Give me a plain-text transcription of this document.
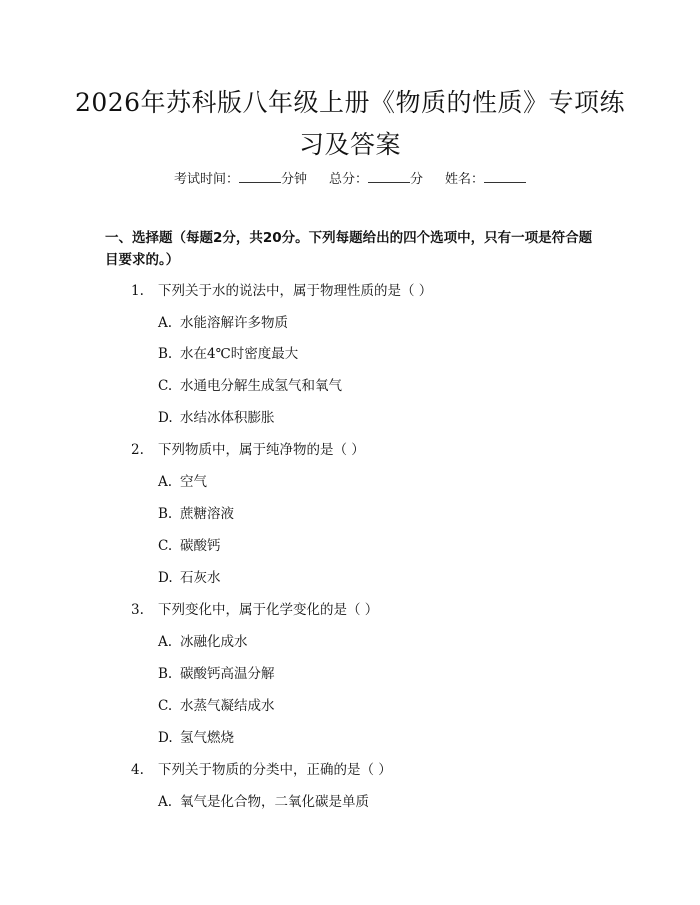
2026年苏科版八年级上册《物质的性质》专项练习及答案
考试时间：	分钟 总分：	分 姓名：
一、选择题（每题2分，共20分。下列每题给出的四个选项中，只有一项是符合题目要求的。）
1. 下列关于水的说法中，属于物理性质的是（ ）
A. 水能溶解许多物质
B. 水在4℃时密度最大
C. 水通电分解生成氢气和氧气
D. 水结冰体积膨胀
2. 下列物质中，属于纯净物的是（ ）
A. 空气
B. 蔗糖溶液
C. 碳酸钙
D. 石灰水
3. 下列变化中，属于化学变化的是（ ）
A. 冰融化成水
B. 碳酸钙高温分解
C. 水蒸气凝结成水
D. 氢气燃烧
4. 下列关于物质的分类中，正确的是（ ）
A. 氧气是化合物，二氧化碳是单质
